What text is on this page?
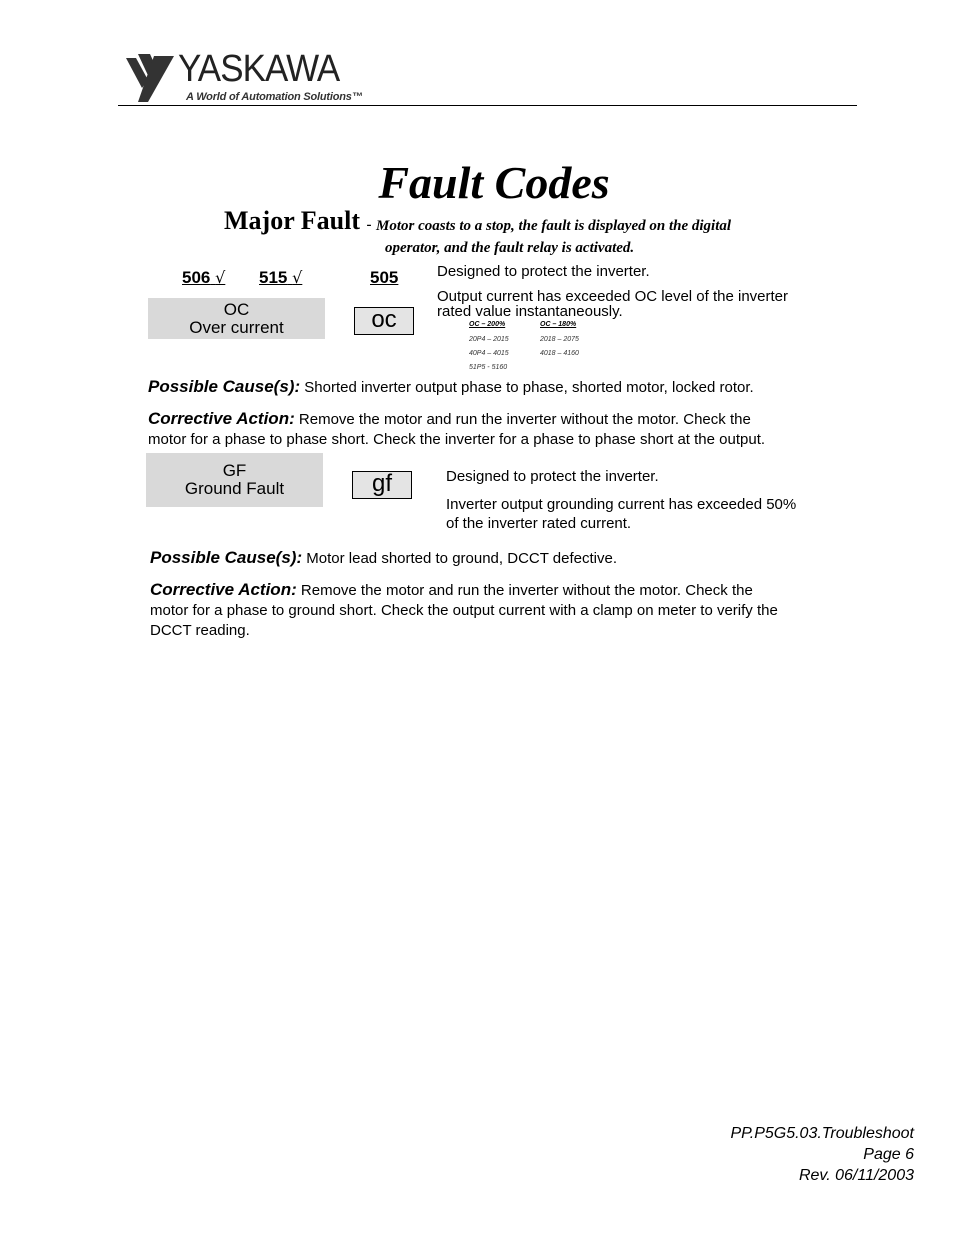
YASKAWA
A World of Automation Solutions™
Fault Codes
Major Fault - Motor coasts to a stop, the fault is displayed on the digital
operator, and the fault relay is activated.
506 √ 515 √	505
OC
Over current	oc
Designed to protect the inverter.
Output current has exceeded OC level of the inverter
rated value instantaneously.
OC – 200%	OC – 180%
20P4 – 2015	2018 – 2075
40P4 – 4015	4018 – 4160
51P5 - 5160
Possible Cause(s): Shorted inverter output phase to phase, shorted motor, locked rotor.
Corrective Action: Remove the motor and run the inverter without the motor. Check the
motor for a phase to phase short. Check the inverter for a phase to phase short at the output.
GF
Ground Fault	gf	Designed to protect the inverter.
Inverter output grounding current has exceeded 50%
of the inverter rated current.
Possible Cause(s): Motor lead shorted to ground, DCCT defective.
Corrective Action: Remove the motor and run the inverter without the motor. Check the
motor for a phase to ground short. Check the output current with a clamp on meter to verify the
DCCT reading.
PP.P5G5.03.Troubleshoot
Page 6
Rev. 06/11/2003
